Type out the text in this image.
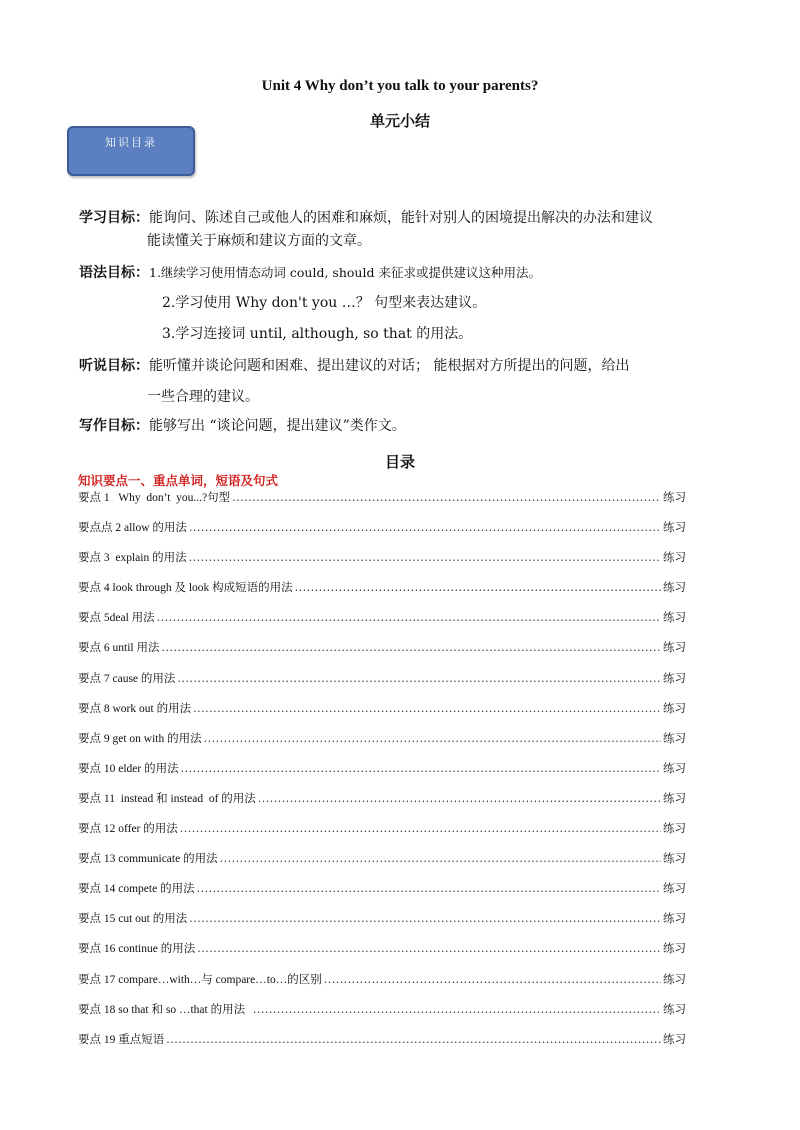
Unit 4 Why don’t you talk to your parents?
单元小结
知识目录
学习目标：能询问、陈述自己或他人的困难和麻烦，能针对别人的困境提出解决的办法和建议
能读懂关于麻烦和建议方面的文章。
语法目标：1.继续学习使用情态动词 could, should 来征求或提供建议这种用法。
2.学习使用 Why don't you …？ 句型来表达建议。
3.学习连接词 until, although, so that 的用法。
听说目标：能听懂并谈论问题和困难、提出建议的对话； 能根据对方所提出的问题，给出
一些合理的建议。
写作目标：能够写出 “谈论问题，提出建议”类作文。
目录
知识要点一、重点单词，短语及句式
要点 1   Why  don’t  you...?句型 .....	练习
要点点 2 allow 的用法 .....	练习
要点 3  explain 的用法 .....	练习
要点 4 look through 及 look 构成短语的用法 .....	练习
要点 5deal 用法 .....	练习
要点 6 until 用法 .....	练习
要点 7 cause 的用法 .....	练习
要点 8 work out 的用法 .....	练习
要点 9 get on with 的用法 .....	练习
要点 10 elder 的用法 .....	练习
要点 11  instead 和 instead  of 的用法 .....	练习
要点 12 offer 的用法 .....	练习
要点 13 communicate 的用法 .....	练习
要点 14 compete 的用法 .....	练习
要点 15 cut out 的用法 .....	练习
要点 16 continue 的用法 .....	练习
要点 17 compare…with…与 compare…to…的区别 .....	练习
要点 18 so that 和 so …that 的用法 .....	练习
要点 19 重点短语 .....	练习
